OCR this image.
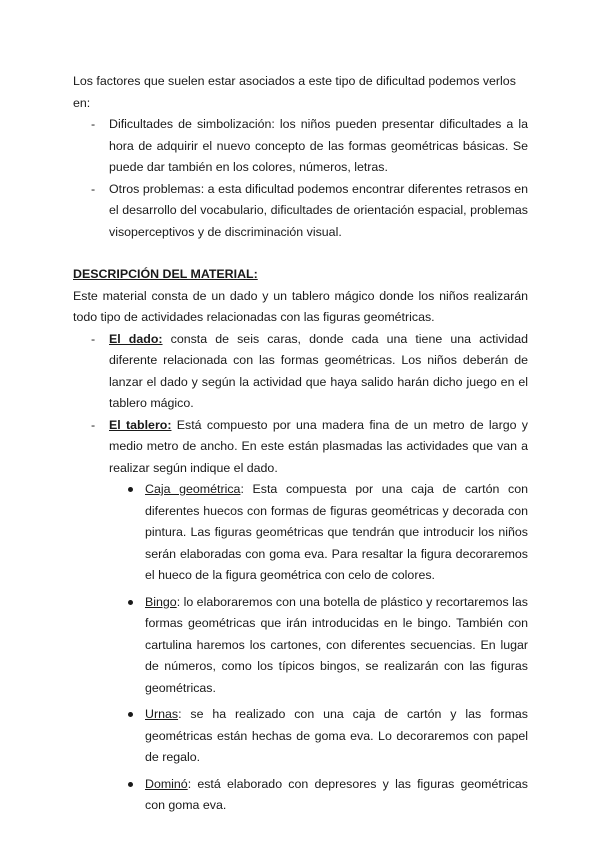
Los factores que suelen estar asociados a este tipo de dificultad podemos verlos en:

- Dificultades de simbolización: los niños pueden presentar dificultades a la hora de adquirir el nuevo concepto de las formas geométricas básicas. Se puede dar también en los colores, números, letras.
- Otros problemas: a esta dificultad podemos encontrar diferentes retrasos en el desarrollo del vocabulario, dificultades de orientación espacial, problemas visoperceptivos y de discriminación visual.

DESCRIPCIÓN DEL MATERIAL:

Este material consta de un dado y un tablero mágico donde los niños realizarán todo tipo de actividades relacionadas con las figuras geométricas.

- El dado: consta de seis caras, donde cada una tiene una actividad diferente relacionada con las formas geométricas. Los niños deberán de lanzar el dado y según la actividad que haya salido harán dicho juego en el tablero mágico.
- El tablero: Está compuesto por una madera fina de un metro de largo y medio metro de ancho. En este están plasmadas las actividades que van a realizar según indique el dado.
Caja geométrica: Esta compuesta por una caja de cartón con diferentes huecos con formas de figuras geométricas y decorada con pintura. Las figuras geométricas que tendrán que introducir los niños serán elaboradas con goma eva. Para resaltar la figura decoraremos el hueco de la figura geométrica con celo de colores.
Bingo: lo elaboraremos con una botella de plástico y recortaremos las formas geométricas que irán introducidas en le bingo. También con cartulina haremos los cartones, con diferentes secuencias. En lugar de números, como los típicos bingos, se realizarán con las figuras geométricas.
Urnas: se ha realizado con una caja de cartón y las formas geométricas están hechas de goma eva. Lo decoraremos con papel de regalo.
Dominó: está elaborado con depresores y las figuras geométricas con goma eva.
